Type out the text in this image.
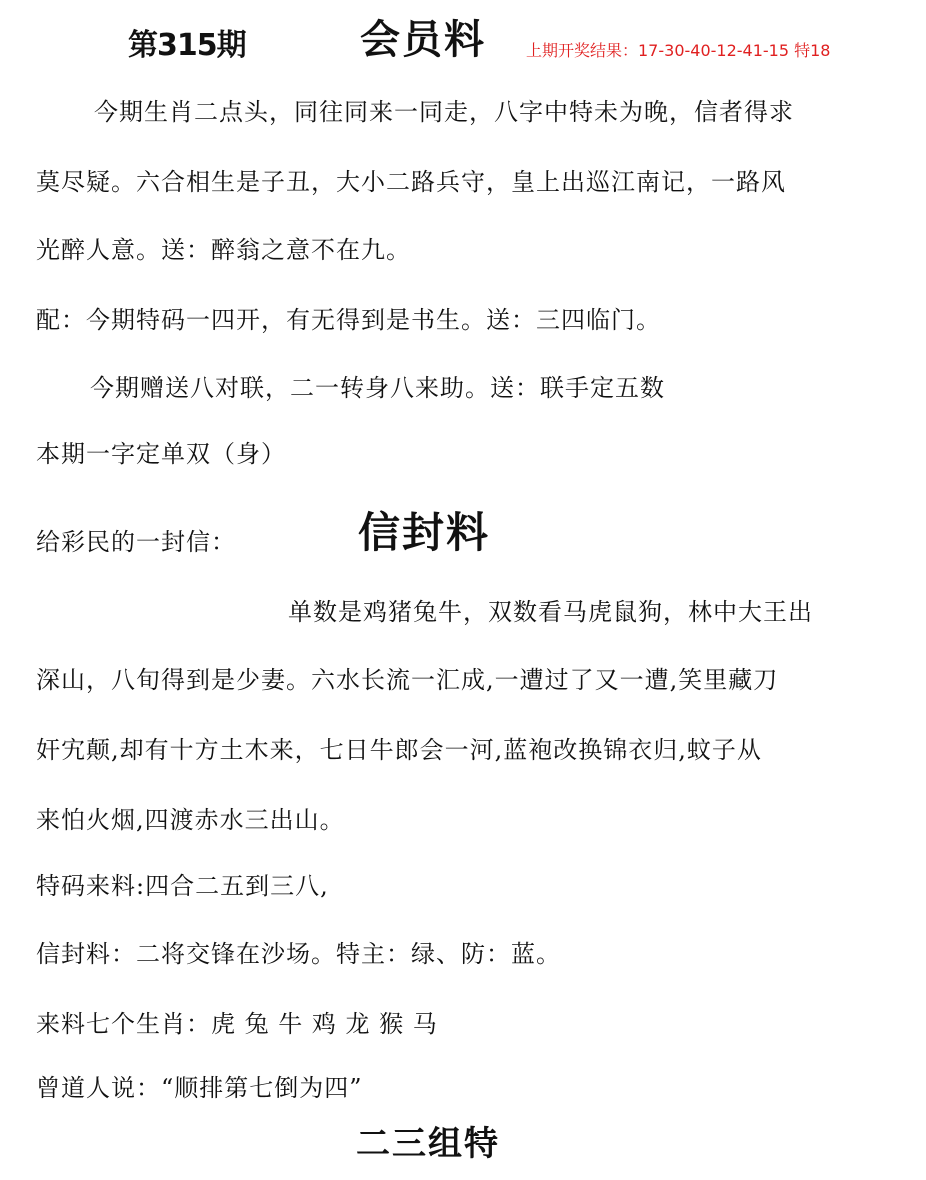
第315期	会员料	上期开奖结果：17-30-40-12-41-15 特18
今期生肖二点头，同往同来一同走，八字中特未为晚，信者得求
莫尽疑。六合相生是子丑，大小二路兵守，皇上出巡江南记，一路风
光醉人意。送：醉翁之意不在九。
配：今期特码一四开，有无得到是书生。送：三四临门。
今期赠送八对联，二一转身八来助。送：联手定五数
本期一字定单双（身）
给彩民的一封信：	信封料
单数是鸡猪兔牛，双数看马虎鼠狗，林中大王出
深山，八旬得到是少妻。六水长流一汇成,一遭过了又一遭,笑里藏刀
奸宄颠,却有十方土木来，七日牛郎会一河,蓝袍改换锦衣归,蚊子从
来怕火烟,四渡赤水三出山。
特码来料:四合二五到三八,
信封料：二将交锋在沙场。特主：绿、防：蓝。
来料七个生肖：虎 兔 牛 鸡 龙 猴 马
曾道人说：“顺排第七倒为四”
二三组特
